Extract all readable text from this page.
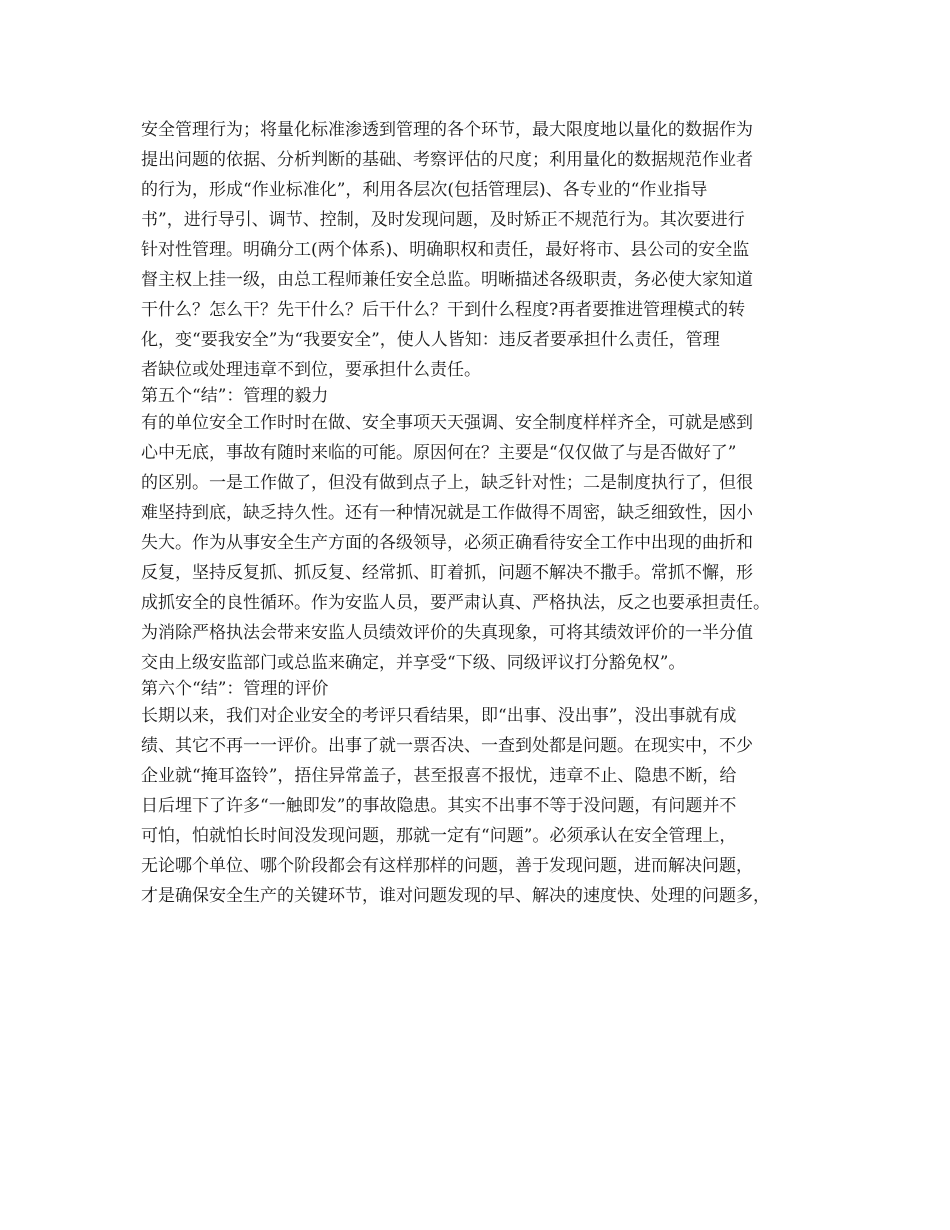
安全管理行为；将量化标准渗透到管理的各个环节，最大限度地以量化的数据作为
提出问题的依据、分析判断的基础、考察评估的尺度；利用量化的数据规范作业者
的行为，形成“作业标准化”，利用各层次(包括管理层)、各专业的“作业指导
书”，进行导引、调节、控制，及时发现问题，及时矫正不规范行为。其次要进行
针对性管理。明确分工(两个体系)、明确职权和责任，最好将市、县公司的安全监
督主权上挂一级，由总工程师兼任安全总监。明晰描述各级职责，务必使大家知道
干什么？怎么干？先干什么？后干什么？干到什么程度?再者要推进管理模式的转
化，变“要我安全”为“我要安全”，使人人皆知：违反者要承担什么责任，管理
者缺位或处理违章不到位，要承担什么责任。
第五个“结”：管理的毅力
有的单位安全工作时时在做、安全事项天天强调、安全制度样样齐全，可就是感到
心中无底，事故有随时来临的可能。原因何在？主要是“仅仅做了与是否做好了”
的区别。一是工作做了，但没有做到点子上，缺乏针对性；二是制度执行了，但很
难坚持到底，缺乏持久性。还有一种情况就是工作做得不周密，缺乏细致性，因小
失大。作为从事安全生产方面的各级领导，必须正确看待安全工作中出现的曲折和
反复，坚持反复抓、抓反复、经常抓、盯着抓，问题不解决不撒手。常抓不懈，形
成抓安全的良性循环。作为安监人员，要严肃认真、严格执法，反之也要承担责任。
为消除严格执法会带来安监人员绩效评价的失真现象，可将其绩效评价的一半分值
交由上级安监部门或总监来确定，并享受“下级、同级评议打分豁免权”。
第六个“结”：管理的评价
长期以来，我们对企业安全的考评只看结果，即“出事、没出事”，没出事就有成
绩、其它不再一一评价。出事了就一票否决、一查到处都是问题。在现实中，不少
企业就“掩耳盗铃”，捂住异常盖子，甚至报喜不报忧，违章不止、隐患不断，给
日后埋下了许多“一触即发”的事故隐患。其实不出事不等于没问题，有问题并不
可怕，怕就怕长时间没发现问题，那就一定有“问题”。必须承认在安全管理上，
无论哪个单位、哪个阶段都会有这样那样的问题，善于发现问题，进而解决问题，
才是确保安全生产的关键环节，谁对问题发现的早、解决的速度快、处理的问题多，
